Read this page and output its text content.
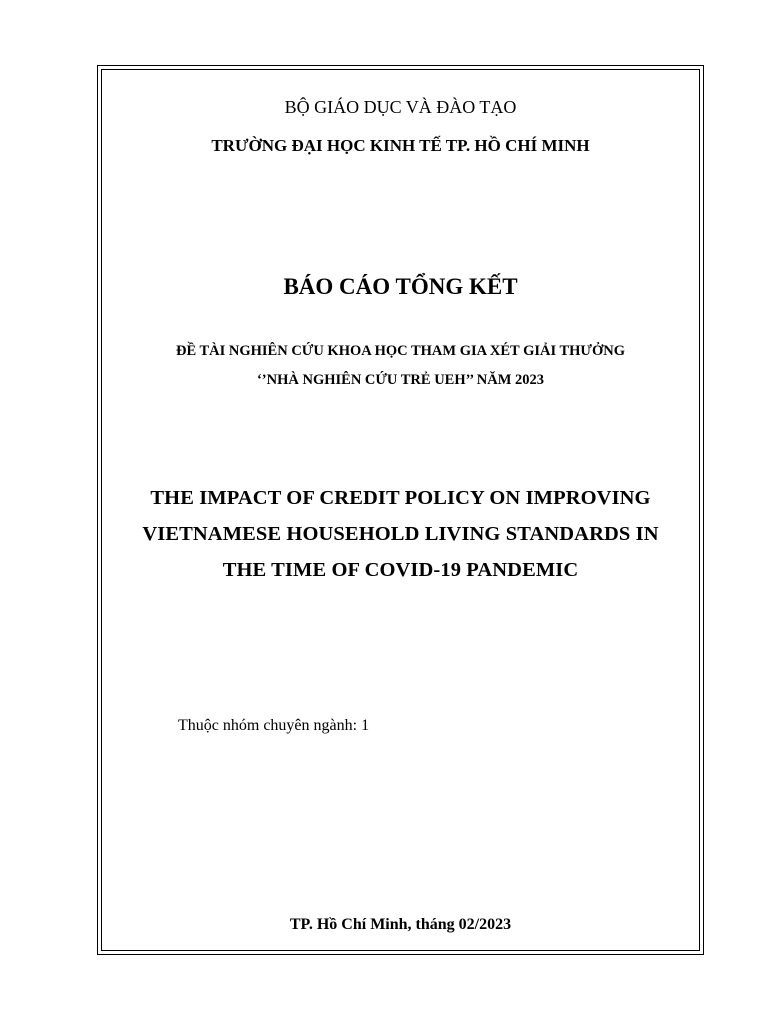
BỘ GIÁO DỤC VÀ ĐÀO TẠO
TRƯỜNG ĐẠI HỌC KINH TẾ TP. HỒ CHÍ MINH
BÁO CÁO TỔNG KẾT
ĐỀ TÀI NGHIÊN CỨU KHOA HỌC THAM GIA XÉT GIẢI THƯỞNG
‘’NHÀ NGHIÊN CỨU TRẺ UEH’’ NĂM 2023
THE IMPACT OF CREDIT POLICY ON IMPROVING
VIETNAMESE HOUSEHOLD LIVING STANDARDS IN
THE TIME OF COVID-19 PANDEMIC
Thuộc nhóm chuyên ngành: 1
TP. Hồ Chí Minh, tháng 02/2023
